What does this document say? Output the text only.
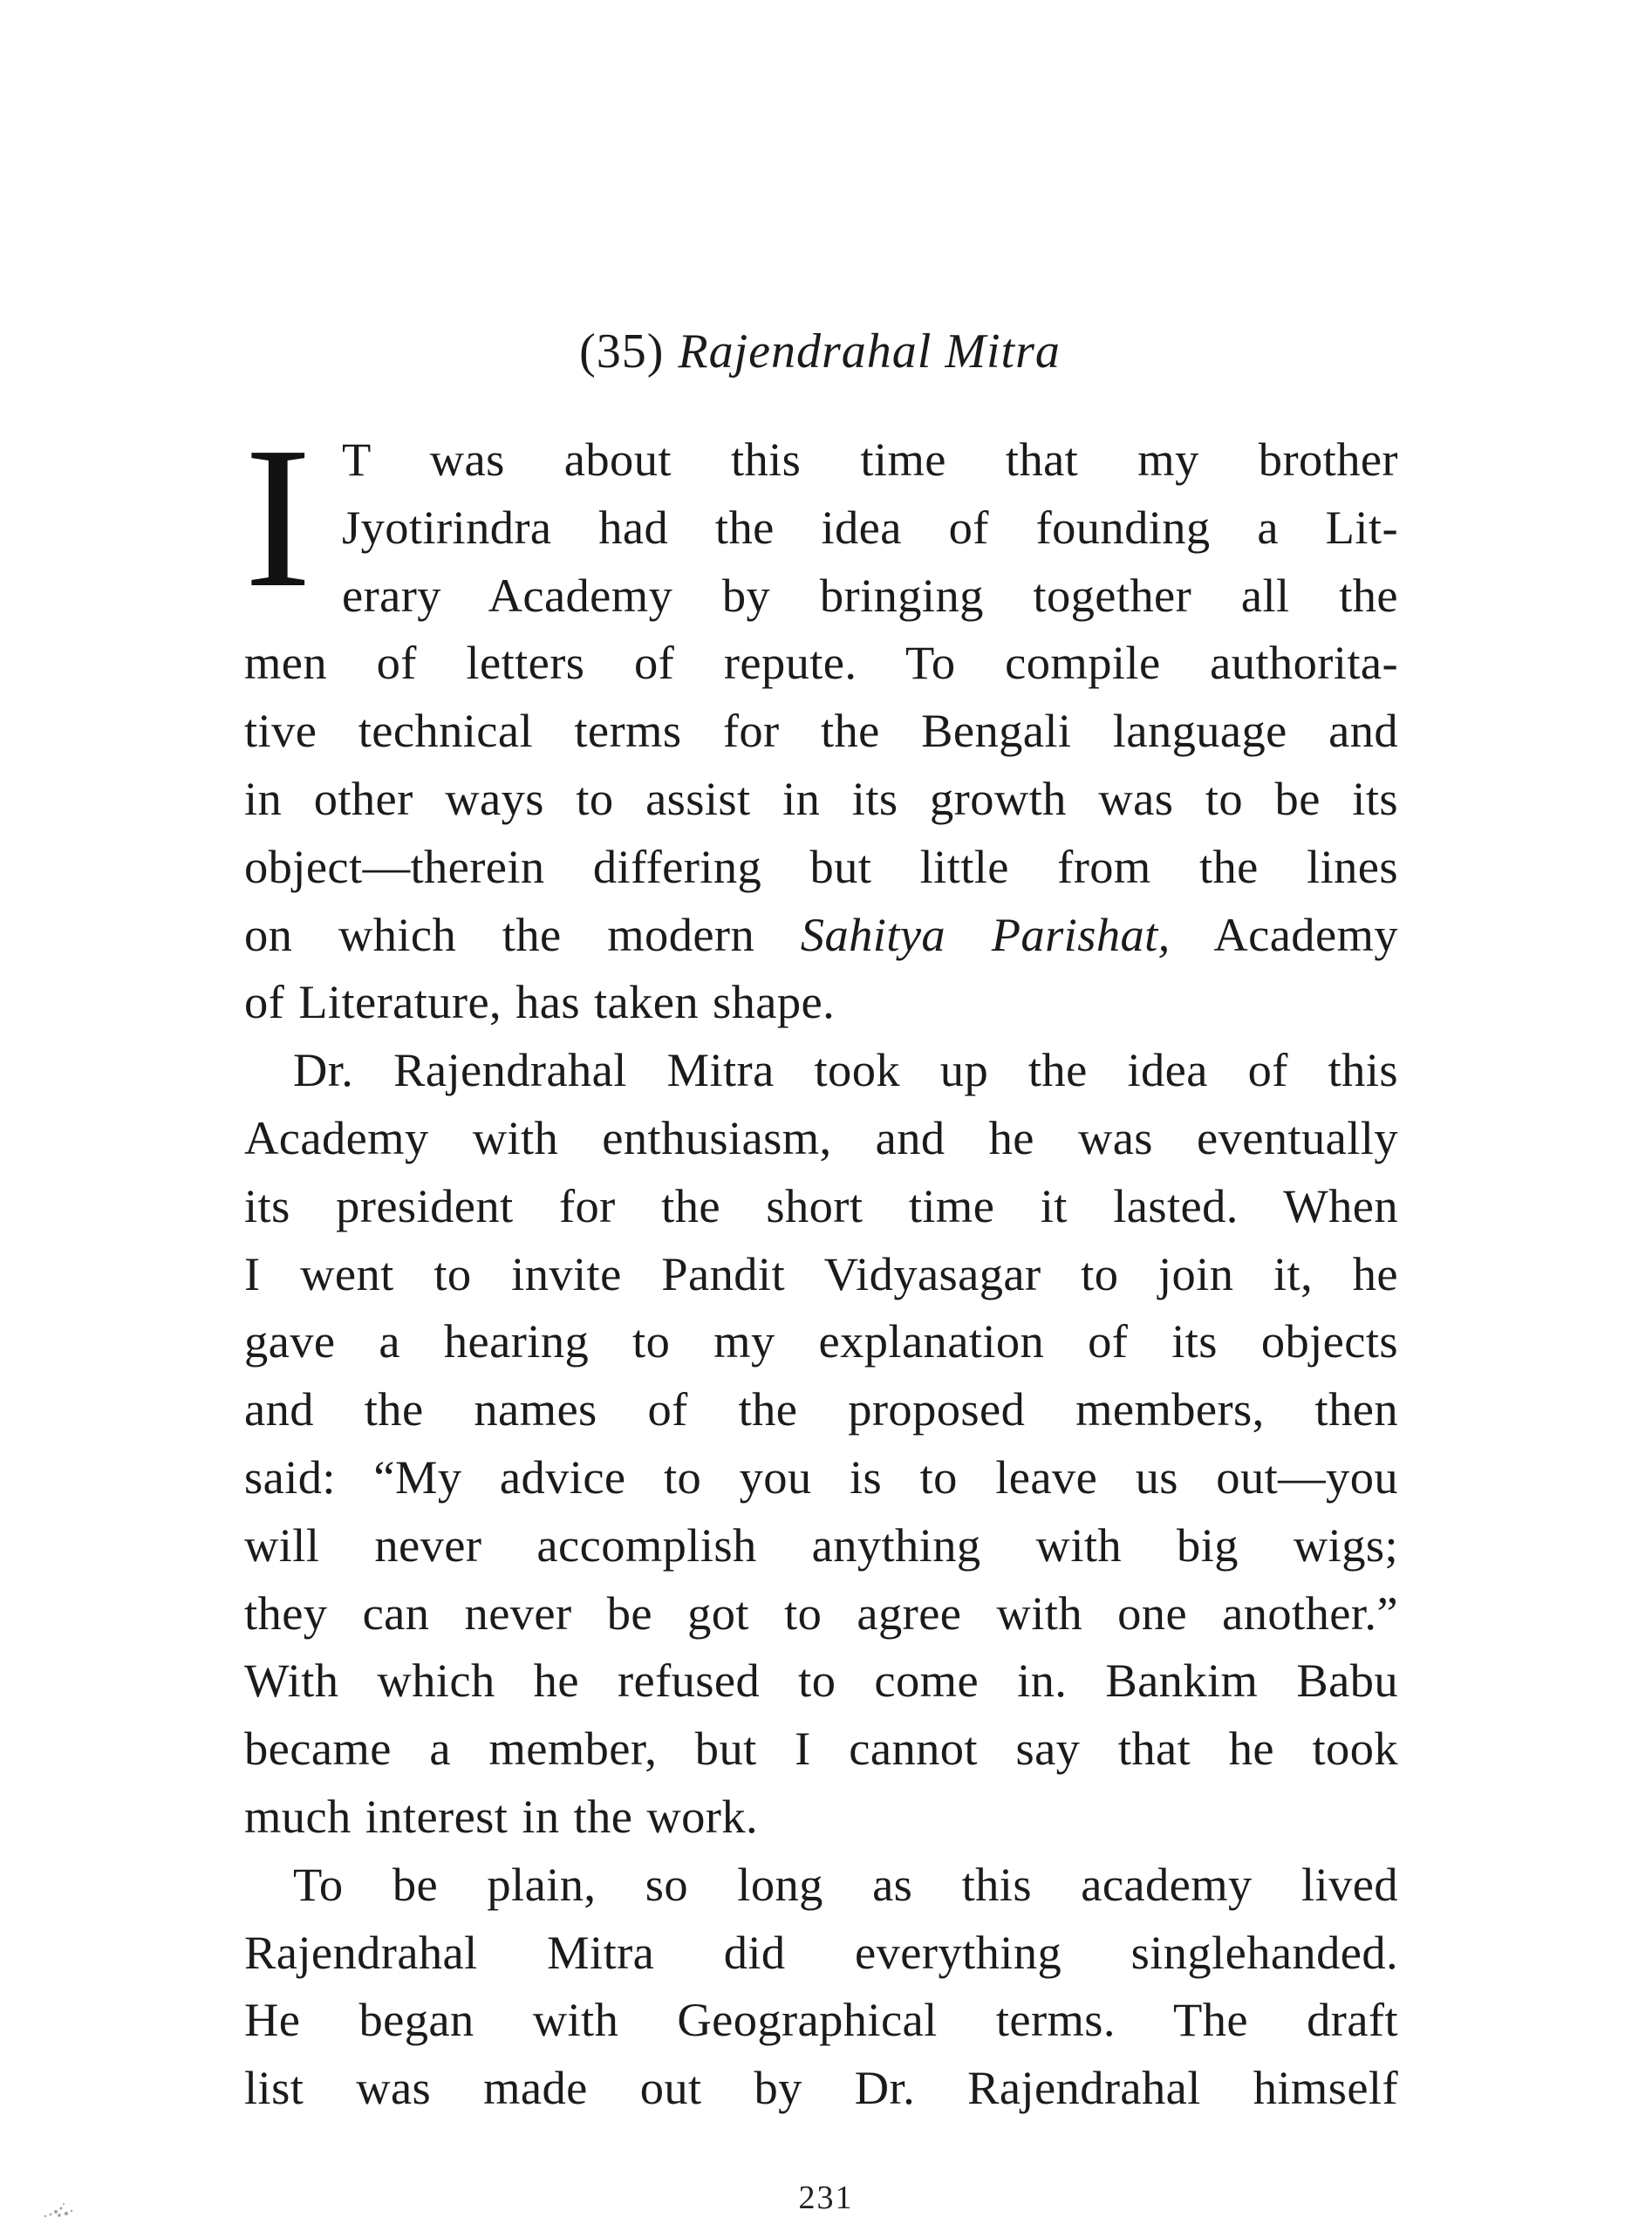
(35) Rajendrahal Mitra
I T was about this time that my brother
Jyotirindra had the idea of founding a Lit-
erary Academy by bringing together all the
men of letters of repute. To compile authorita-
tive technical terms for the Bengali language and
in other ways to assist in its growth was to be its
object—therein differing but little from the lines
on which the modern Sahitya Parishat, Academy
of Literature, has taken shape.
Dr. Rajendrahal Mitra took up the idea of this
Academy with enthusiasm, and he was eventually
its president for the short time it lasted. When
I went to invite Pandit Vidyasagar to join it, he
gave a hearing to my explanation of its objects
and the names of the proposed members, then
said: “My advice to you is to leave us out—you
will never accomplish anything with big wigs;
they can never be got to agree with one another.”
With which he refused to come in. Bankim Babu
became a member, but I cannot say that he took
much interest in the work.
To be plain, so long as this academy lived
Rajendrahal Mitra did everything singlehanded.
He began with Geographical terms. The draft
list was made out by Dr. Rajendrahal himself
231
